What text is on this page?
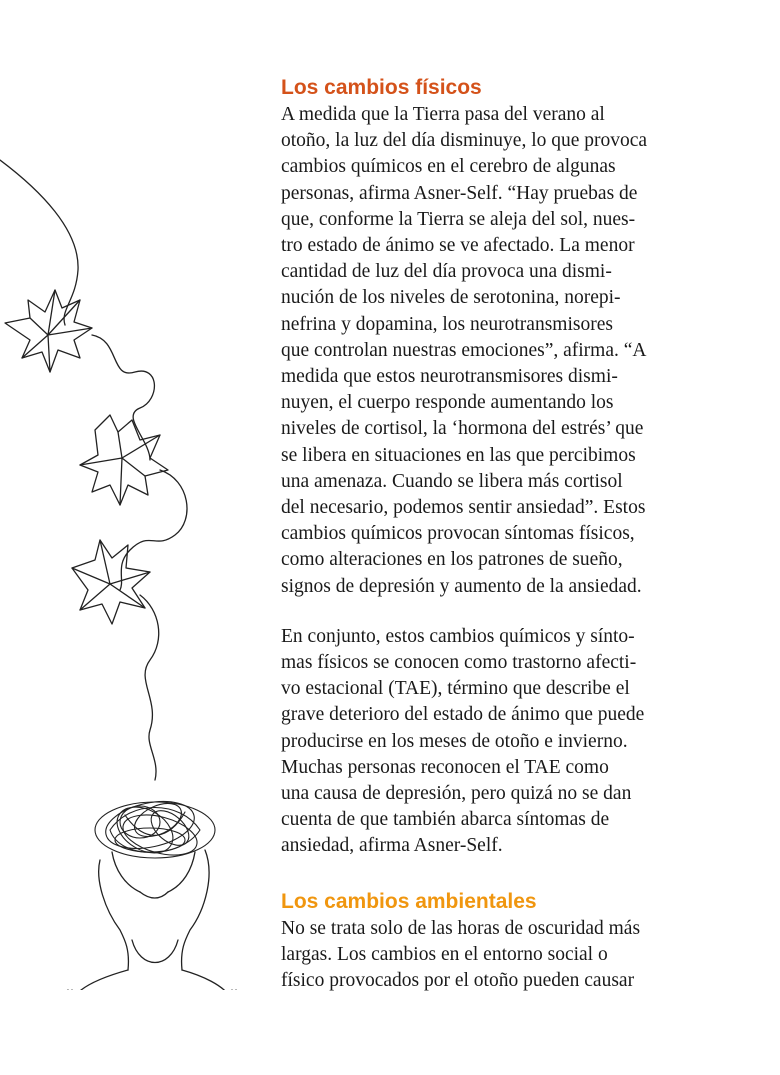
Los cambios físicos
A medida que la Tierra pasa del verano al
otoño, la luz del día disminuye, lo que provoca
cambios químicos en el cerebro de algunas
personas, afirma Asner-Self. “Hay pruebas de
que, conforme la Tierra se aleja del sol, nues-
tro estado de ánimo se ve afectado. La menor
cantidad de luz del día provoca una dismi-
nución de los niveles de serotonina, norepi-
nefrina y dopamina, los neurotransmisores
que controlan nuestras emociones”, afirma. “A
medida que estos neurotransmisores dismi-
nuyen, el cuerpo responde aumentando los
niveles de cortisol, la ‘hormona del estrés’ que
se libera en situaciones en las que percibimos
una amenaza. Cuando se libera más cortisol
del necesario, podemos sentir ansiedad”. Estos
cambios químicos provocan síntomas físicos,
como alteraciones en los patrones de sueño,
signos de depresión y aumento de la ansiedad.
En conjunto, estos cambios químicos y sínto-
mas físicos se conocen como trastorno afecti-
vo estacional (TAE), término que describe el
grave deterioro del estado de ánimo que puede
producirse en los meses de otoño e invierno.
Muchas personas reconocen el TAE como
una causa de depresión, pero quizá no se dan
cuenta de que también abarca síntomas de
ansiedad, afirma Asner-Self.
Los cambios ambientales
No se trata solo de las horas de oscuridad más
largas. Los cambios en el entorno social o
físico provocados por el otoño pueden causar
